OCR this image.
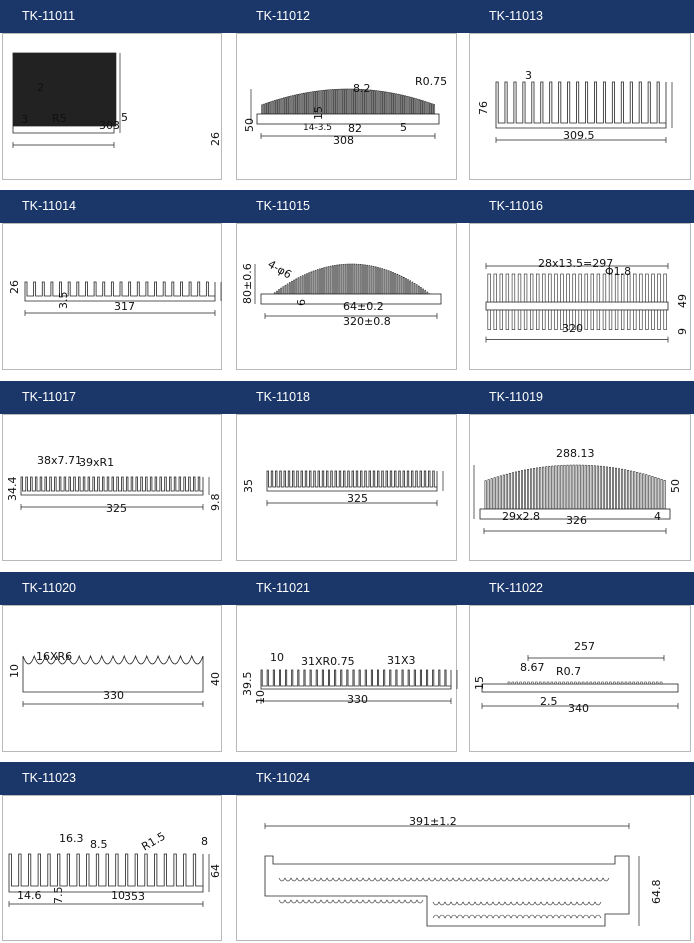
TK-11011	TK-11012	TK-11013
TK-11014	TK-11015	TK-11016
TK-11017	TK-11018	TK-11019
TK-11020	TK-11021	TK-11022
TK-11023	TK-11024
2
3 R5	5
303
26
8.2
R0.75
15
50	14-3.5 82	5
308
3
76
309.5
26
3.5	317
4-φ6
80±0.6	6	64±0.2
320±0.8
28x13.5=297
Φ1.8
49
9
320
38x7.71
39xR1
34.4
325	9.8
35
325
288.13
50
29x2.8 326	4
16XR6
10
40
330
10 31XR0.75	31X3
39.5
10	330
257
8.67 R0.7
15
2.5
340
16.3 8.5	R1.5	8
64
14.6 7.5	10 353
391±1.2
64.8
